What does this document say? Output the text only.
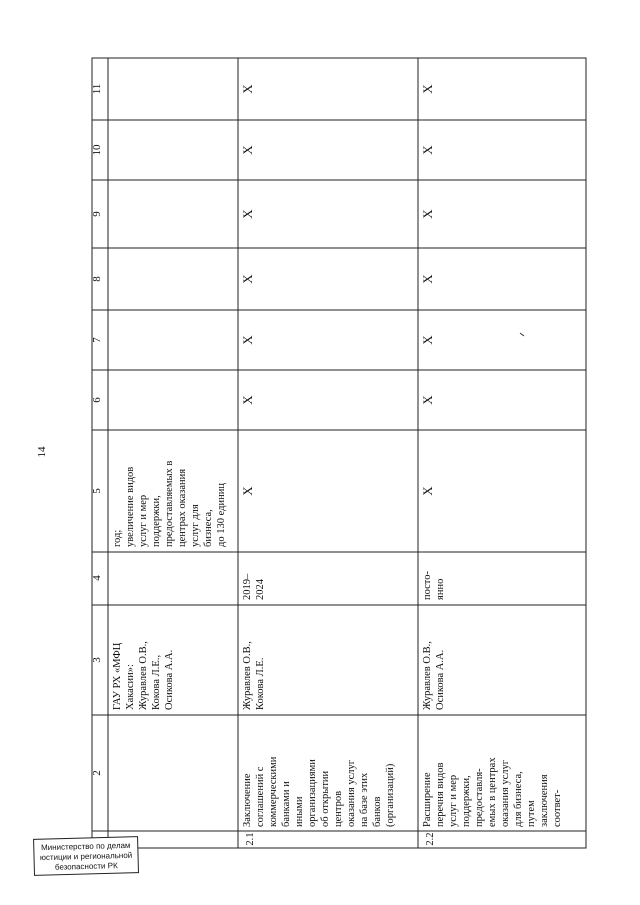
14
2
3
4
5
6
7
8
9
10
11
ГАУ РХ «МФЦ Хакасии»: Журавлев О.В., Кокова Л.Е., Осикова А.А.
год; увеличение видов услуг и мер поддержки, предоставляемых в центрах оказания услуг для бизнеса, до 130 единиц
2.1
Заключение соглашений с коммерческими банками и иными организациями об открытии центров оказания услуг на базе этих банков (организаций)
Журавлев О.В., Кокова Л.Е.
2019– 2024
X
X
X
X
X
X
X
2.2
Расширение перечня видов услуг и мер поддержки, предоставля- емых в центрах оказания услуг для бизнеса, путем заключения соответ-
Журавлев О.В., Осикова А.А.
посто- янно
X
X
X
X
X
X
X
Министерство по делам
юстиции и региональной
безопасности РК
